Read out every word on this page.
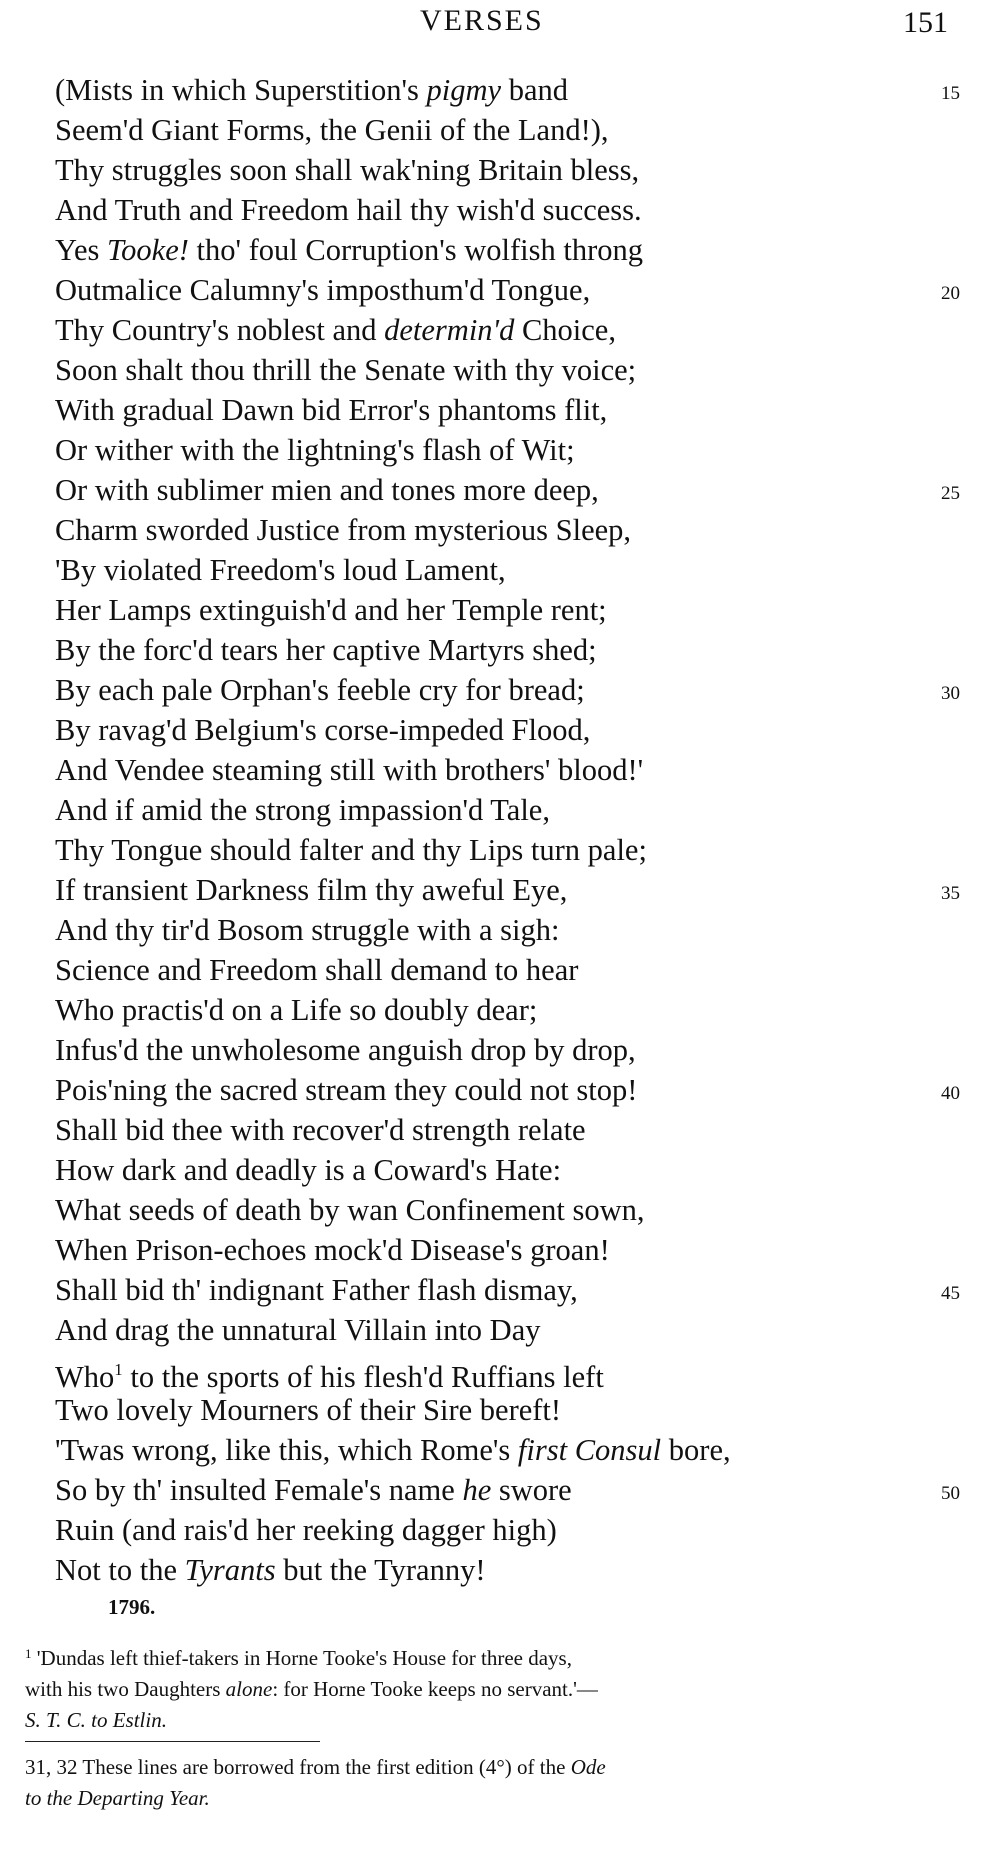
VERSES	151
(Mists in which Superstition's pigmy band	15
Seem'd Giant Forms, the Genii of the Land!),
Thy struggles soon shall wak'ning Britain bless,
And Truth and Freedom hail thy wish'd success.
Yes Tooke! tho' foul Corruption's wolfish throng
Outmalice Calumny's imposthum'd Tongue,	20
Thy Country's noblest and determin'd Choice,
Soon shalt thou thrill the Senate with thy voice;
With gradual Dawn bid Error's phantoms flit,
Or wither with the lightning's flash of Wit;
Or with sublimer mien and tones more deep,	25
Charm sworded Justice from mysterious Sleep,
'By violated Freedom's loud Lament,
Her Lamps extinguish'd and her Temple rent;
By the forc'd tears her captive Martyrs shed;
By each pale Orphan's feeble cry for bread;	30
By ravag'd Belgium's corse-impeded Flood,
And Vendee steaming still with brothers' blood!'
And if amid the strong impassion'd Tale,
Thy Tongue should falter and thy Lips turn pale;
If transient Darkness film thy aweful Eye,	35
And thy tir'd Bosom struggle with a sigh:
Science and Freedom shall demand to hear
Who practis'd on a Life so doubly dear;
Infus'd the unwholesome anguish drop by drop,
Pois'ning the sacred stream they could not stop!	40
Shall bid thee with recover'd strength relate
How dark and deadly is a Coward's Hate:
What seeds of death by wan Confinement sown,
When Prison-echoes mock'd Disease's groan!
Shall bid th' indignant Father flash dismay,	45
And drag the unnatural Villain into Day
Who$^1$ to the sports of his flesh'd Ruffians left
Two lovely Mourners of their Sire bereft!
'Twas wrong, like this, which Rome's first Consul bore,
So by th' insulted Female's name he swore	50
Ruin (and rais'd her reeking dagger high)
Not to the Tyrants but the Tyranny!
1796.
$^1$ 'Dundas left thief-takers in Horne Tooke's House for three days,
with his two Daughters alone: for Horne Tooke keeps no servant.'—
S. T. C. to Estlin.
31, 32 These lines are borrowed from the first edition (4°) of the Ode
to the Departing Year.
